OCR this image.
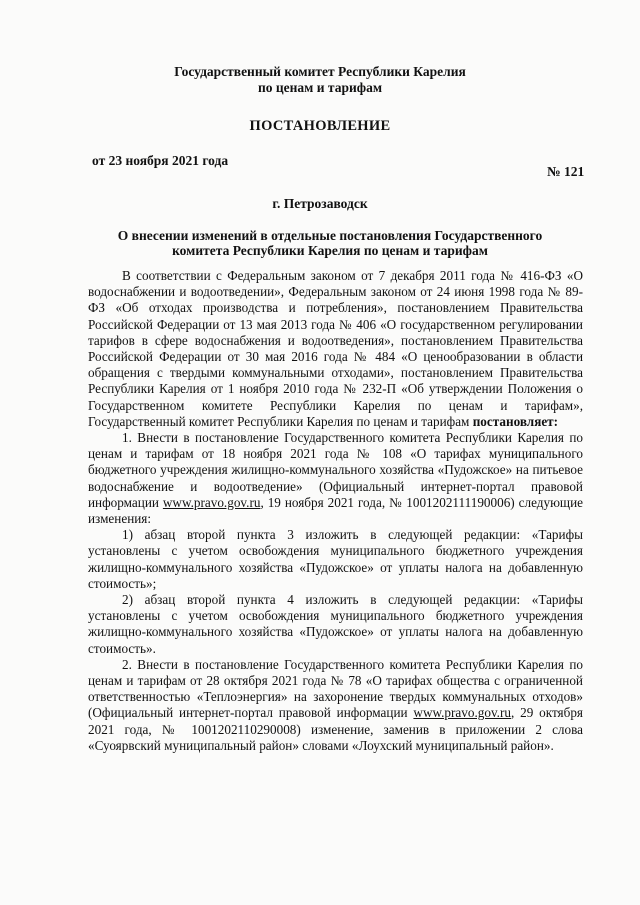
Государственный комитет Республики Карелия
по ценам и тарифам
ПОСТАНОВЛЕНИЕ
от 23 ноября 2021 года
№ 121
г. Петрозаводск
О внесении изменений в отдельные постановления Государственного комитета Республики Карелия по ценам и тарифам

В соответствии с Федеральным законом от 7 декабря 2011 года № 416-ФЗ «О водоснабжении и водоотведении», Федеральным законом от 24 июня 1998 года № 89-ФЗ «Об отходах производства и потребления», постановлением Правительства Российской Федерации от 13 мая 2013 года № 406 «О государственном регулировании тарифов в сфере водоснабжения и водоотведения», постановлением Правительства Российской Федерации от 30 мая 2016 года № 484 «О ценообразовании в области обращения с твердыми коммунальными отходами», постановлением Правительства Республики Карелия от 1 ноября 2010 года № 232-П «Об утверждении Положения о Государственном комитете Республики Карелия по ценам и тарифам», Государственный комитет Республики Карелия по ценам и тарифам постановляет:

1. Внести в постановление Государственного комитета Республики Карелия по ценам и тарифам от 18 ноября 2021 года № 108 «О тарифах муниципального бюджетного учреждения жилищно-коммунального хозяйства «Пудожское» на питьевое водоснабжение и водоотведение» (Официальный интернет-портал правовой информации www.pravo.gov.ru, 19 ноября 2021 года, № 1001202111190006) следующие изменения:

1) абзац второй пункта 3 изложить в следующей редакции: «Тарифы установлены с учетом освобождения муниципального бюджетного учреждения жилищно-коммунального хозяйства «Пудожское» от уплаты налога на добавленную стоимость»;

2) абзац второй пункта 4 изложить в следующей редакции: «Тарифы установлены с учетом освобождения муниципального бюджетного учреждения жилищно-коммунального хозяйства «Пудожское» от уплаты налога на добавленную стоимость».

2. Внести в постановление Государственного комитета Республики Карелия по ценам и тарифам от 28 октября 2021 года № 78 «О тарифах общества с ограниченной ответственностью «Теплоэнергия» на захоронение твердых коммунальных отходов» (Официальный интернет-портал правовой информации www.pravo.gov.ru, 29 октября 2021 года, № 1001202110290008) изменение, заменив в приложении 2 слова «Суоярвский муниципальный район» словами «Лоухский муниципальный район».
